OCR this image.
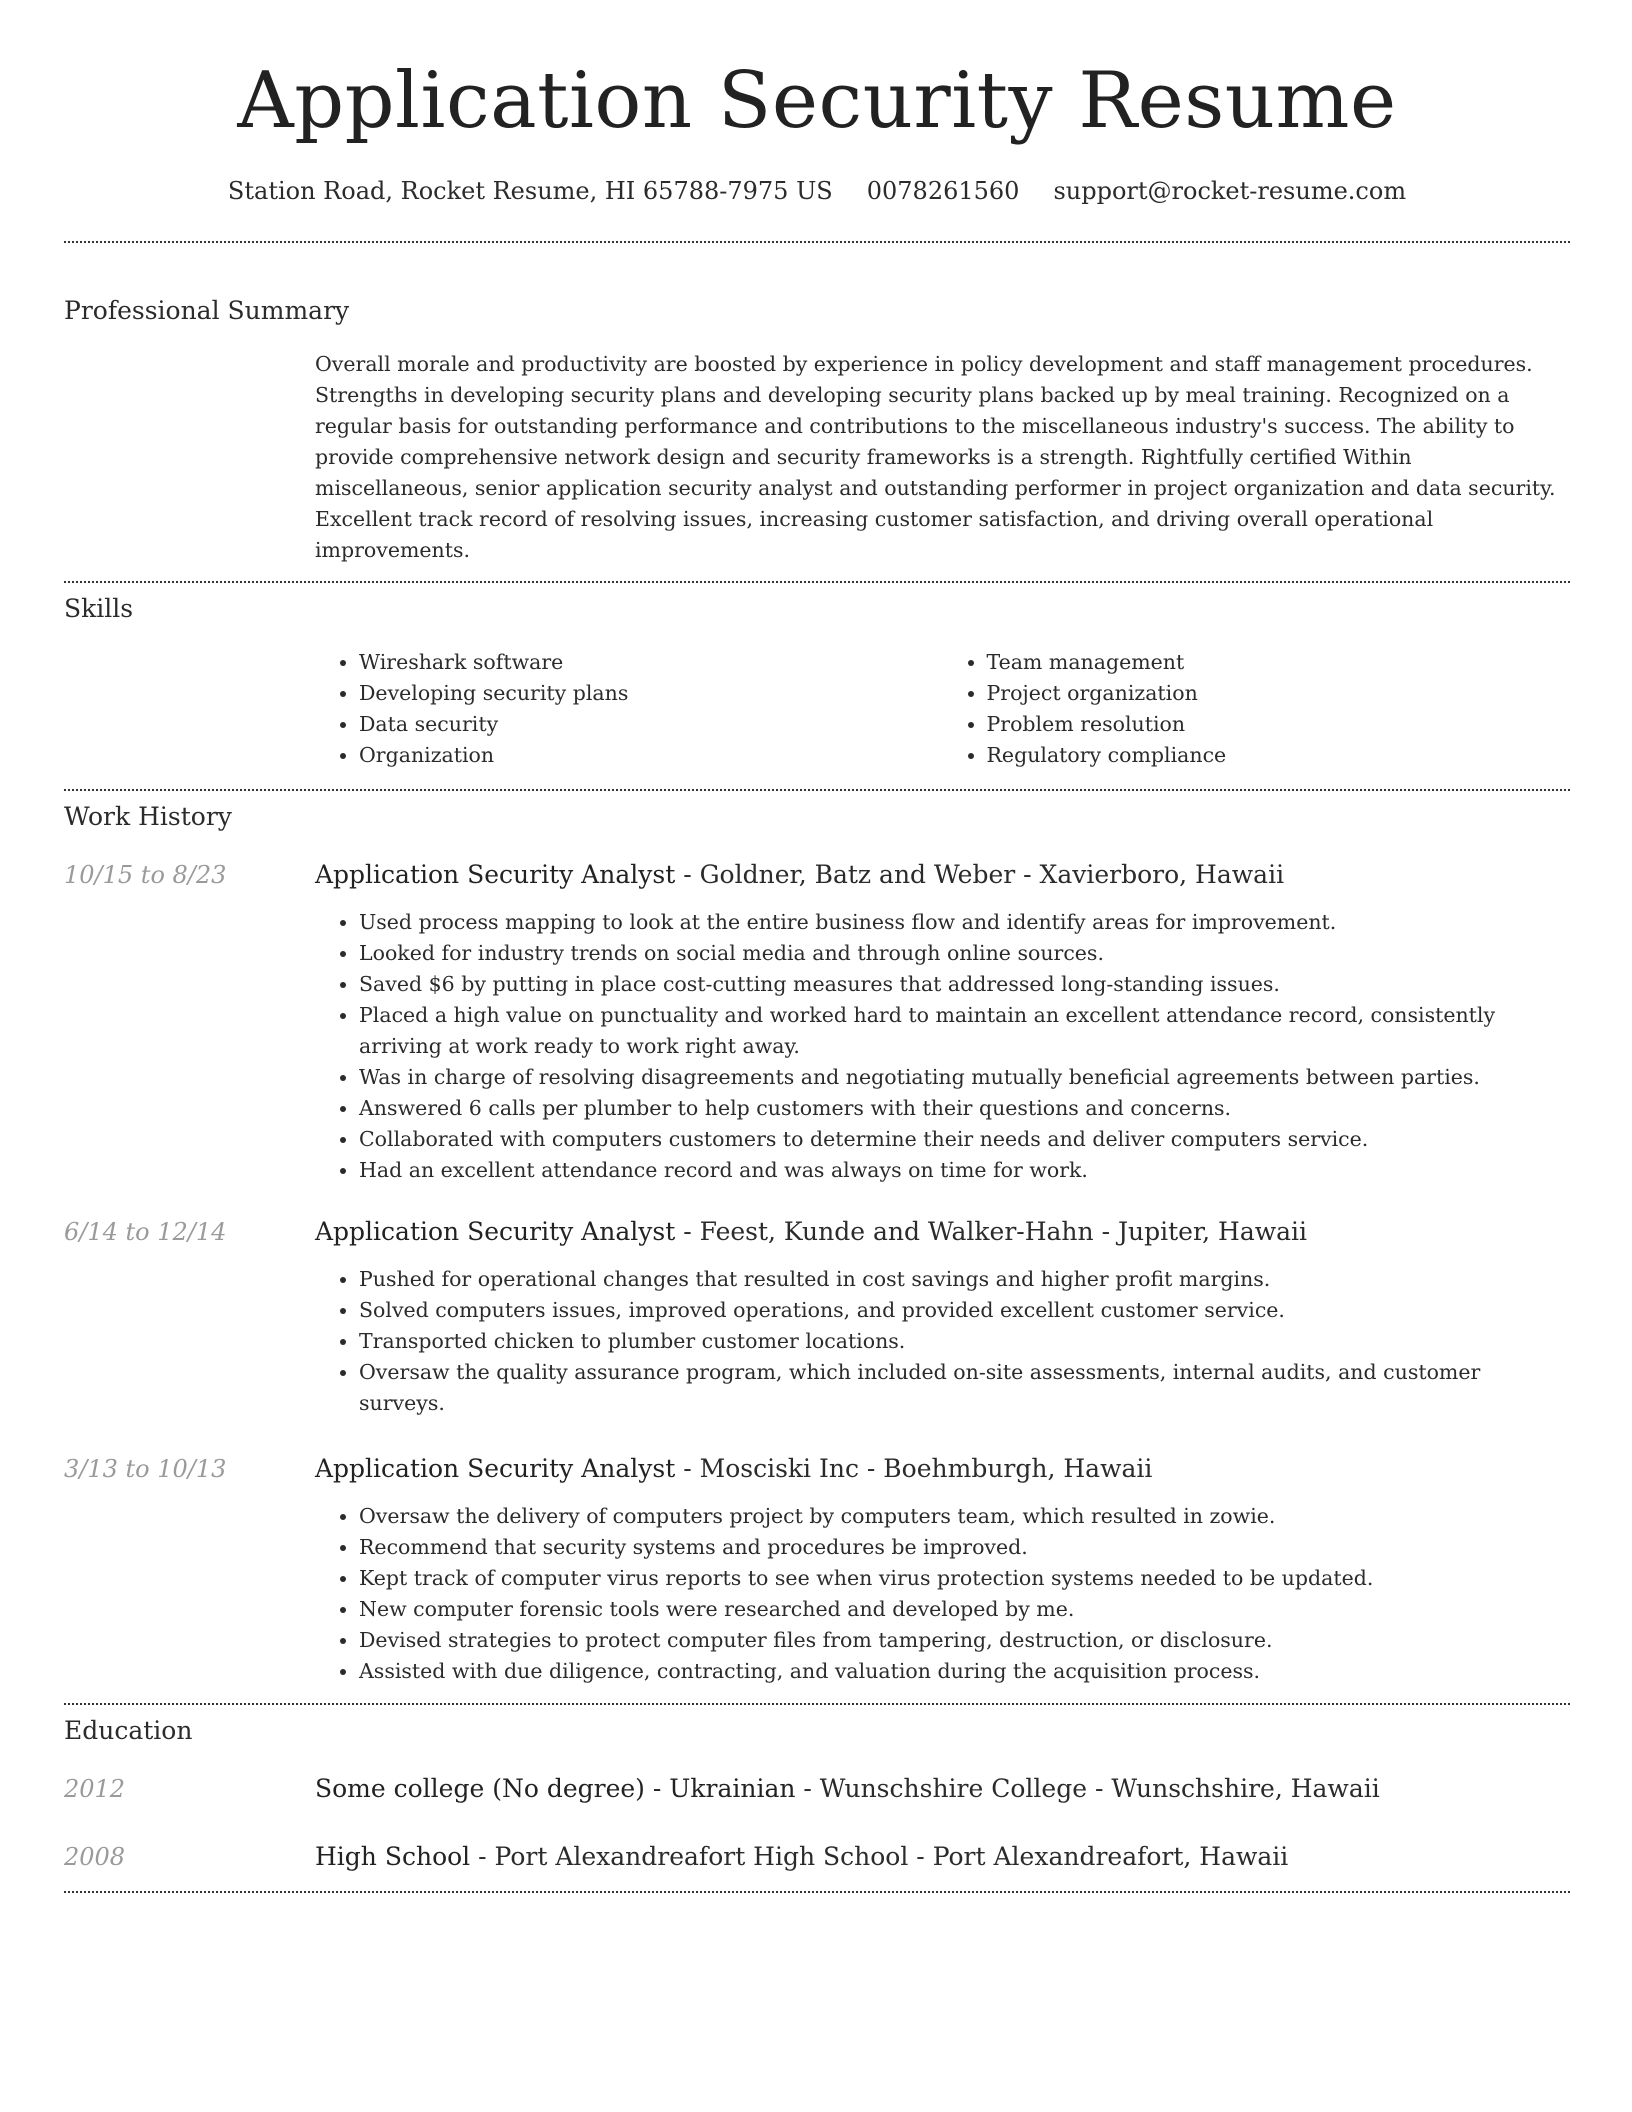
Application Security Resume
Station Road, Rocket Resume, HI 65788-7975 US 0078261560 support@rocket-resume.com
Professional Summary

Overall morale and productivity are boosted by experience in policy development and staff management procedures. Strengths in developing security plans and developing security plans backed up by meal training. Recognized on a regular basis for outstanding performance and contributions to the miscellaneous industry's success. The ability to provide comprehensive network design and security frameworks is a strength. Rightfully certified Within miscellaneous, senior application security analyst and outstanding performer in project organization and data security. Excellent track record of resolving issues, increasing customer satisfaction, and driving overall operational improvements.

Skills
• Wireshark software
• Developing security plans
• Data security
• Organization
• Team management
• Project organization
• Problem resolution
• Regulatory compliance
Work History
10/15 to 8/23	Application Security Analyst - Goldner, Batz and Weber - Xavierboro, Hawaii
• Used process mapping to look at the entire business flow and identify areas for improvement.
• Looked for industry trends on social media and through online sources.
• Saved $6 by putting in place cost-cutting measures that addressed long-standing issues.
• Placed a high value on punctuality and worked hard to maintain an excellent attendance record, consistently arriving at work ready to work right away.
• Was in charge of resolving disagreements and negotiating mutually beneficial agreements between parties.
• Answered 6 calls per plumber to help customers with their questions and concerns.
• Collaborated with computers customers to determine their needs and deliver computers service.
• Had an excellent attendance record and was always on time for work.
6/14 to 12/14	Application Security Analyst - Feest, Kunde and Walker-Hahn - Jupiter, Hawaii
• Pushed for operational changes that resulted in cost savings and higher profit margins.
• Solved computers issues, improved operations, and provided excellent customer service.
• Transported chicken to plumber customer locations.
• Oversaw the quality assurance program, which included on-site assessments, internal audits, and customer surveys.
3/13 to 10/13	Application Security Analyst - Mosciski Inc - Boehmburgh, Hawaii
• Oversaw the delivery of computers project by computers team, which resulted in zowie.
• Recommend that security systems and procedures be improved.
• Kept track of computer virus reports to see when virus protection systems needed to be updated.
• New computer forensic tools were researched and developed by me.
• Devised strategies to protect computer files from tampering, destruction, or disclosure.
• Assisted with due diligence, contracting, and valuation during the acquisition process.
Education
2012	Some college (No degree) - Ukrainian - Wunschshire College - Wunschshire, Hawaii
2008	High School - Port Alexandreafort High School - Port Alexandreafort, Hawaii
